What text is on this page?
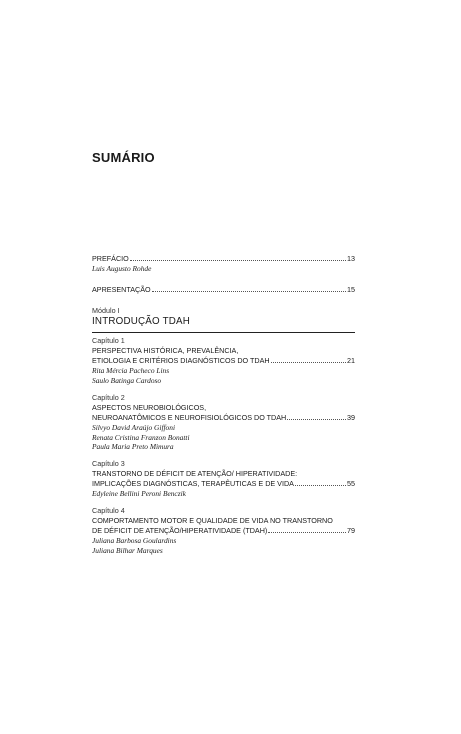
SUMÁRIO
PREFÁCIO	13
Luis Augusto Rohde
APRESENTAÇÃO	15
Módulo I
INTRODUÇÃO TDAH
Capítulo 1
PERSPECTIVA HISTÓRICA, PREVALÊNCIA,
ETIOLOGIA E CRITÉRIOS DIAGNÓSTICOS DO TDAH	21
Rita Mércia Pacheco Lins
Saulo Batinga Cardoso
Capítulo 2
ASPECTOS NEUROBIOLÓGICOS,
NEUROANATÔMICOS E NEUROFISIOLÓGICOS DO TDAH	39
Silvyo David Araújo Giffoni
Renata Cristina Franzon Bonatti
Paula Maria Preto Mimura
Capítulo 3
TRANSTORNO DE DÉFICIT DE ATENÇÃO/ HIPERATIVIDADE:
IMPLICAÇÕES DIAGNÓSTICAS, TERAPÊUTICAS E DE VIDA	55
Edyleine Bellini Peroni Benczik
Capítulo 4
COMPORTAMENTO MOTOR E QUALIDADE DE VIDA NO TRANSTORNO
DE DÉFICIT DE ATENÇÃO/HIPERATIVIDADE (TDAH)	79
Juliana Barbosa Goulardins
Juliana Bilhar Marques
